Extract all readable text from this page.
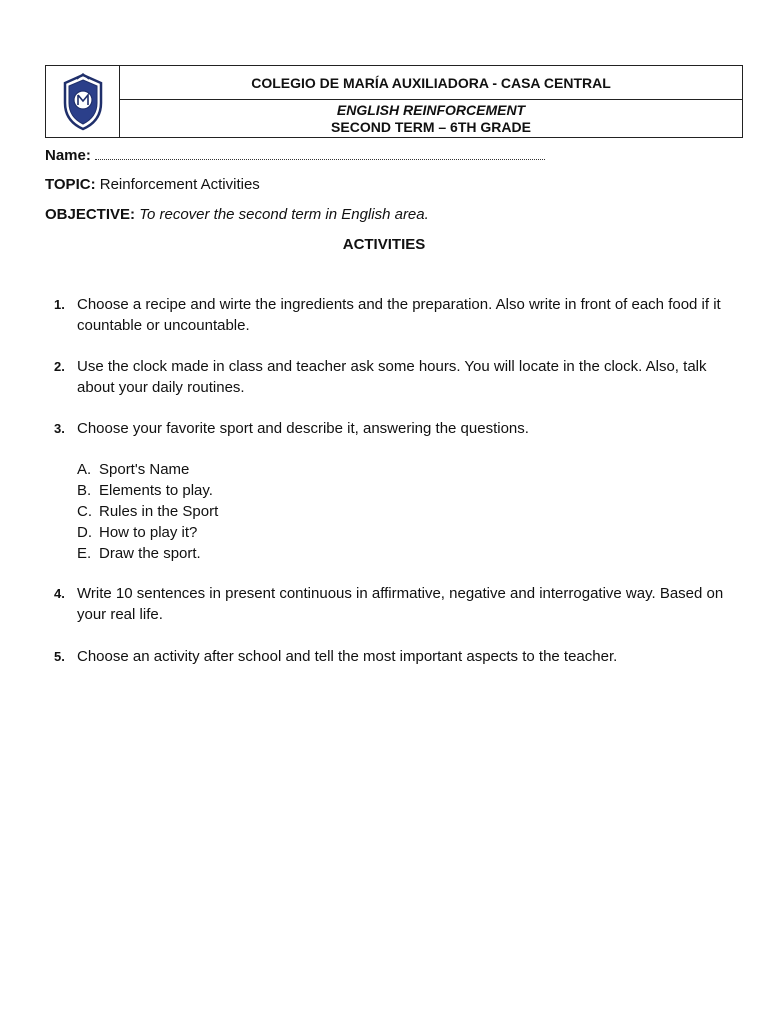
COLEGIO DE MARÍA AUXILIADORA - CASA CENTRAL
ENGLISH REINFORCEMENT
SECOND TERM – 6TH GRADE
Name:
TOPIC: Reinforcement Activities
OBJECTIVE: To recover the second term in English area.
ACTIVITIES
1. Choose a recipe and wirte the ingredients and the preparation. Also write in front of each food if it countable or uncountable.
2. Use the clock made in class and teacher ask some hours. You will locate in the clock. Also, talk about your daily routines.
3. Choose your favorite sport and describe it, answering the questions.
A. Sport's Name
B. Elements to play.
C. Rules in the Sport
D. How to play it?
E. Draw the sport.
4. Write 10 sentences in present continuous in affirmative, negative and interrogative way. Based on your real life.
5. Choose an activity after school and tell the most important aspects to the teacher.
